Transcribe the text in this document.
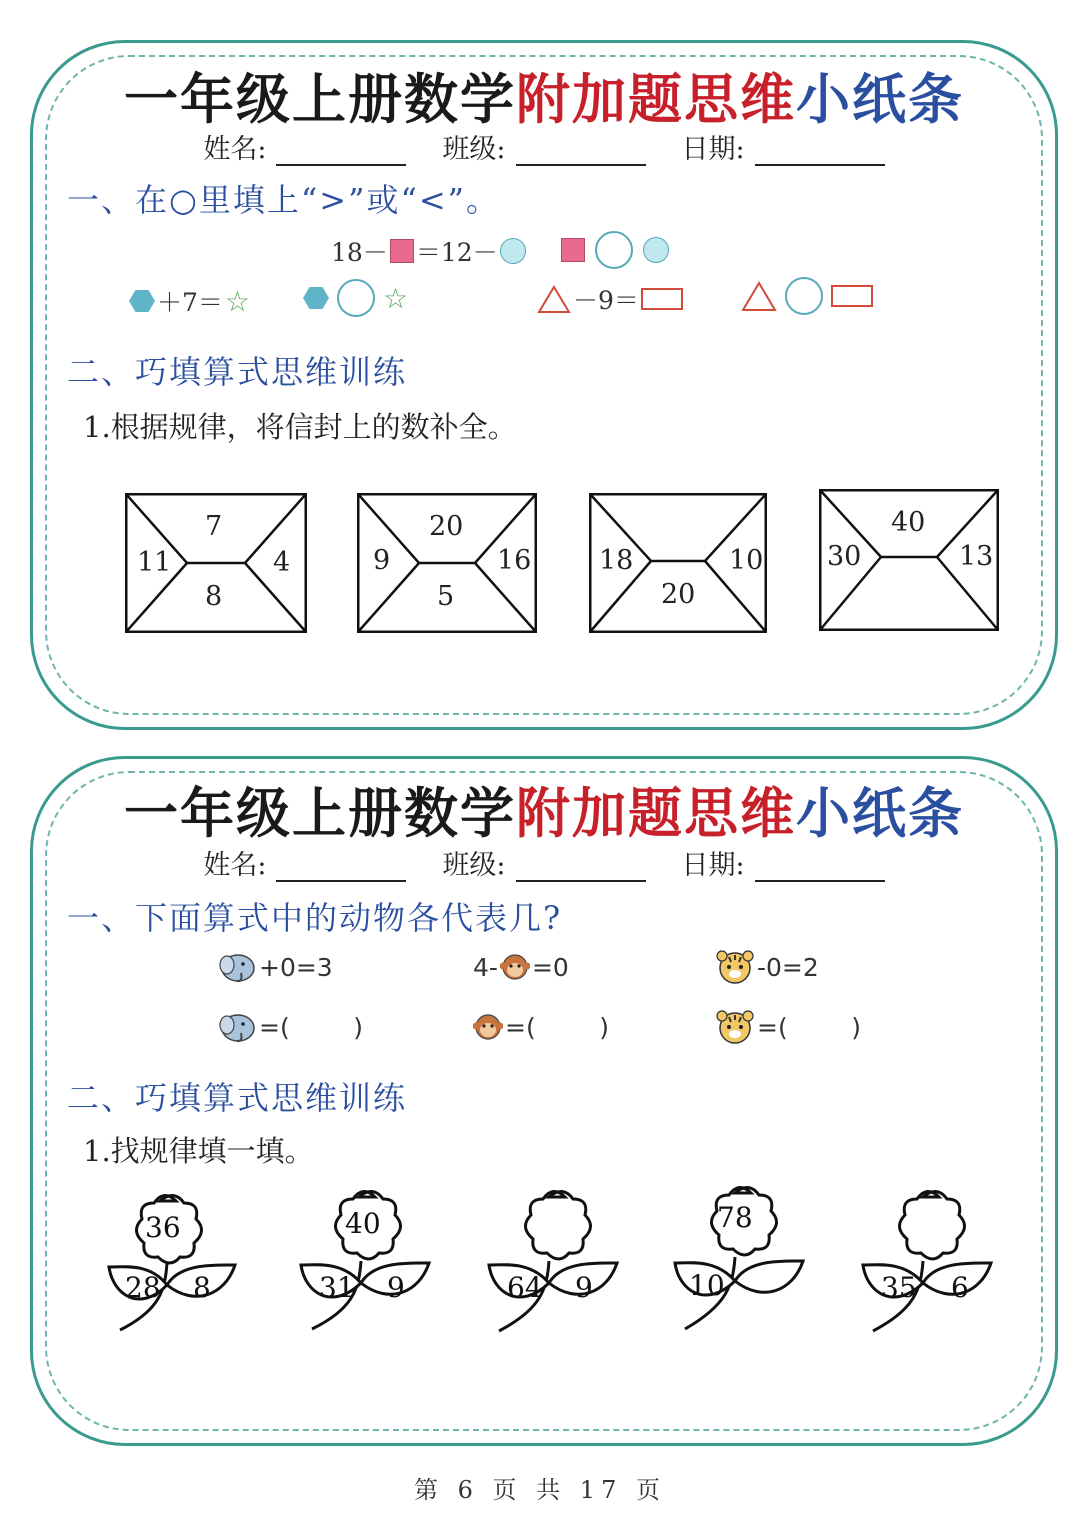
一年级上册数学附加题思维小纸条
姓名:	班级:	日期:
一、在○里填上“>”或“<”。
18－ ＝12－
＋7＝ ☆	☆	－9＝
二、巧填算式思维训练
1.根据规律，将信封上的数补全。
7
11	4
8
20
9	16
5
18	10
20
40
30	13
一年级上册数学附加题思维小纸条
姓名:	班级:	日期:
一、下面算式中的动物各代表几?
+0=3	4- =0	-0=2
=(        )	=(        )	=(        )
二、巧填算式思维训练
1.找规律填一填。
36
28 8
40
31 9	64 9
78
10	35 6
第 6 页 共 17 页
